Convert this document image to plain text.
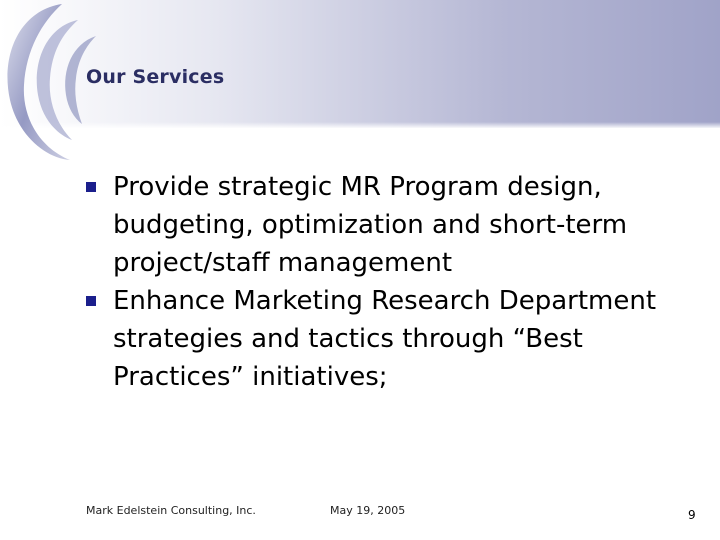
Our Services
Provide strategic MR Program design, budgeting, optimization and short-term project/staff management
Enhance Marketing Research Department strategies and tactics through “Best Practices” initiatives;
Mark Edelstein Consulting, Inc.	May 19, 2005	9
